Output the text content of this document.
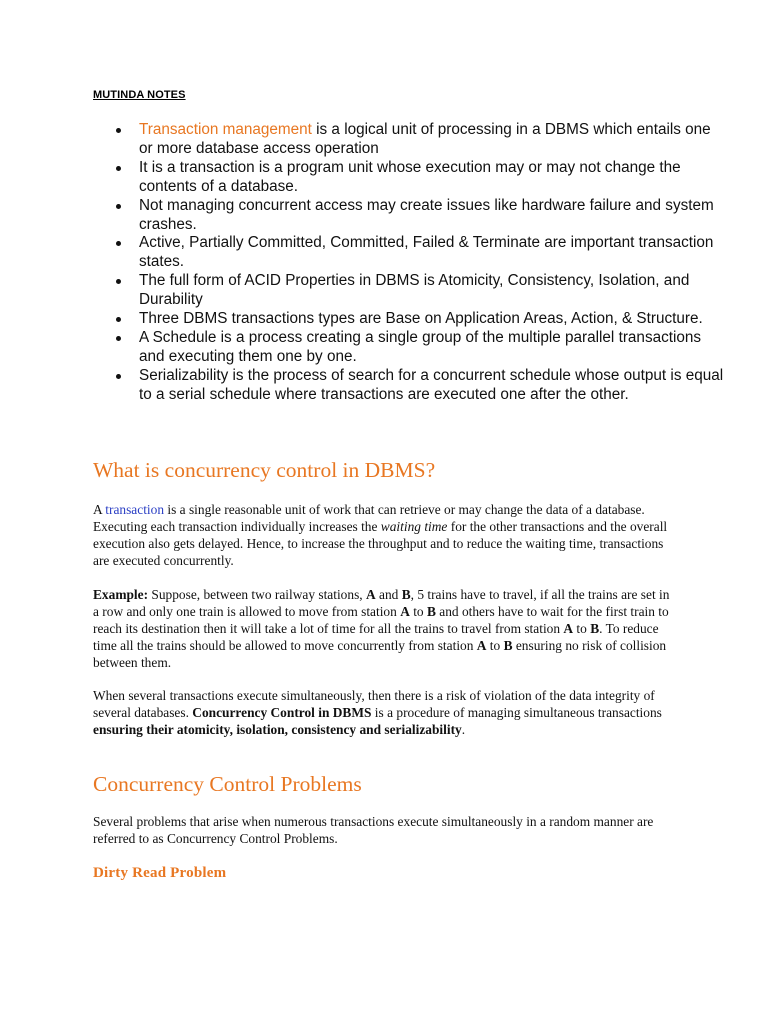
MUTINDA NOTES
Transaction management is a logical unit of processing in a DBMS which entails one or more database access operation
It is a transaction is a program unit whose execution may or may not change the contents of a database.
Not managing concurrent access may create issues like hardware failure and system crashes.
Active, Partially Committed, Committed, Failed & Terminate are important transaction states.
The full form of ACID Properties in DBMS is Atomicity, Consistency, Isolation, and Durability
Three DBMS transactions types are Base on Application Areas, Action, & Structure.
A Schedule is a process creating a single group of the multiple parallel transactions and executing them one by one.
Serializability is the process of search for a concurrent schedule whose output is equal to a serial schedule where transactions are executed one after the other.
What is concurrency control in DBMS?

A transaction is a single reasonable unit of work that can retrieve or may change the data of a database. Executing each transaction individually increases the waiting time for the other transactions and the overall execution also gets delayed. Hence, to increase the throughput and to reduce the waiting time, transactions are executed concurrently.

Example: Suppose, between two railway stations, A and B, 5 trains have to travel, if all the trains are set in a row and only one train is allowed to move from station A to B and others have to wait for the first train to reach its destination then it will take a lot of time for all the trains to travel from station A to B. To reduce time all the trains should be allowed to move concurrently from station A to B ensuring no risk of collision between them.

When several transactions execute simultaneously, then there is a risk of violation of the data integrity of several databases. Concurrency Control in DBMS is a procedure of managing simultaneous transactions ensuring their atomicity, isolation, consistency and serializability.

Concurrency Control Problems

Several problems that arise when numerous transactions execute simultaneously in a random manner are referred to as Concurrency Control Problems.

Dirty Read Problem
